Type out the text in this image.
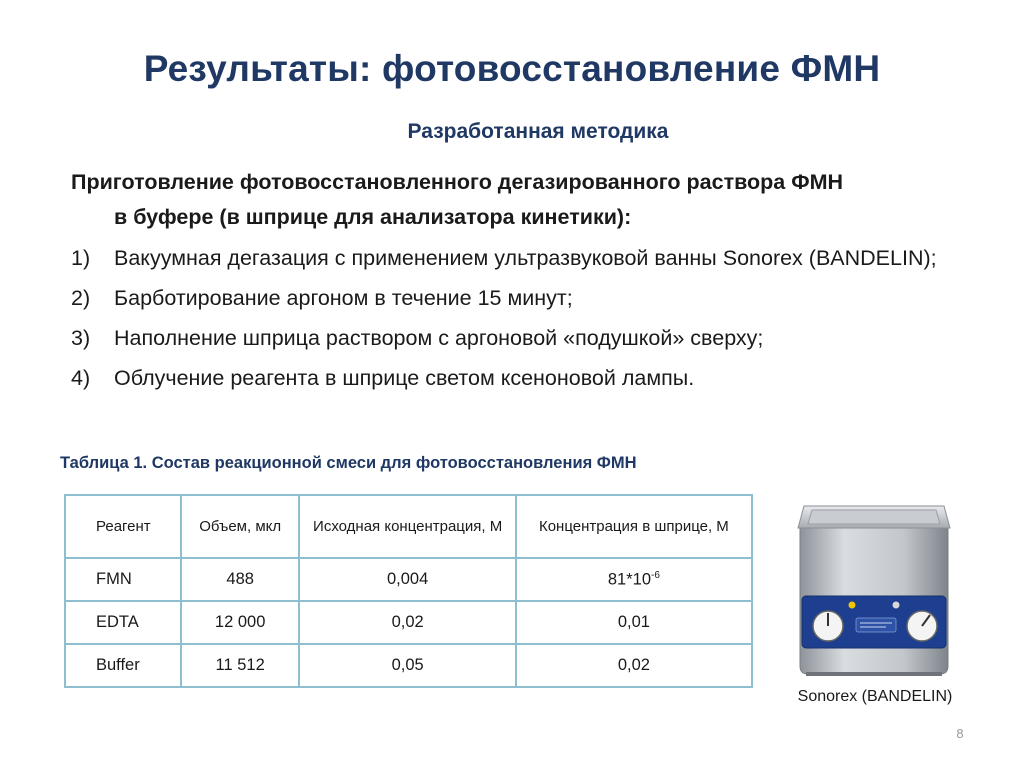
Результаты: фотовосстановление ФМН
Разработанная методика
Приготовление фотовосстановленного дегазированного раствора ФМН
в буфере (в шприце для анализатора кинетики):
1) Вакуумная дегазация с применением ультразвуковой ванны Sonorex (BANDELIN);
2) Барботирование аргоном в течение 15 минут;
3) Наполнение шприца раствором с аргоновой «подушкой» сверху;
4) Облучение реагента в шприце светом ксеноновой лампы.
Таблица 1. Состав реакционной смеси для фотовосстановления ФМН
Реагент	Объем, мкл	Исходная концентрация, М	Концентрация в шприце, М
FMN	488	0,004	$81*10^{-6}$
EDTA	12 000	0,02	0,01
Buffer	11 512	0,05	0,02
Sonorex (BANDELIN)
8
